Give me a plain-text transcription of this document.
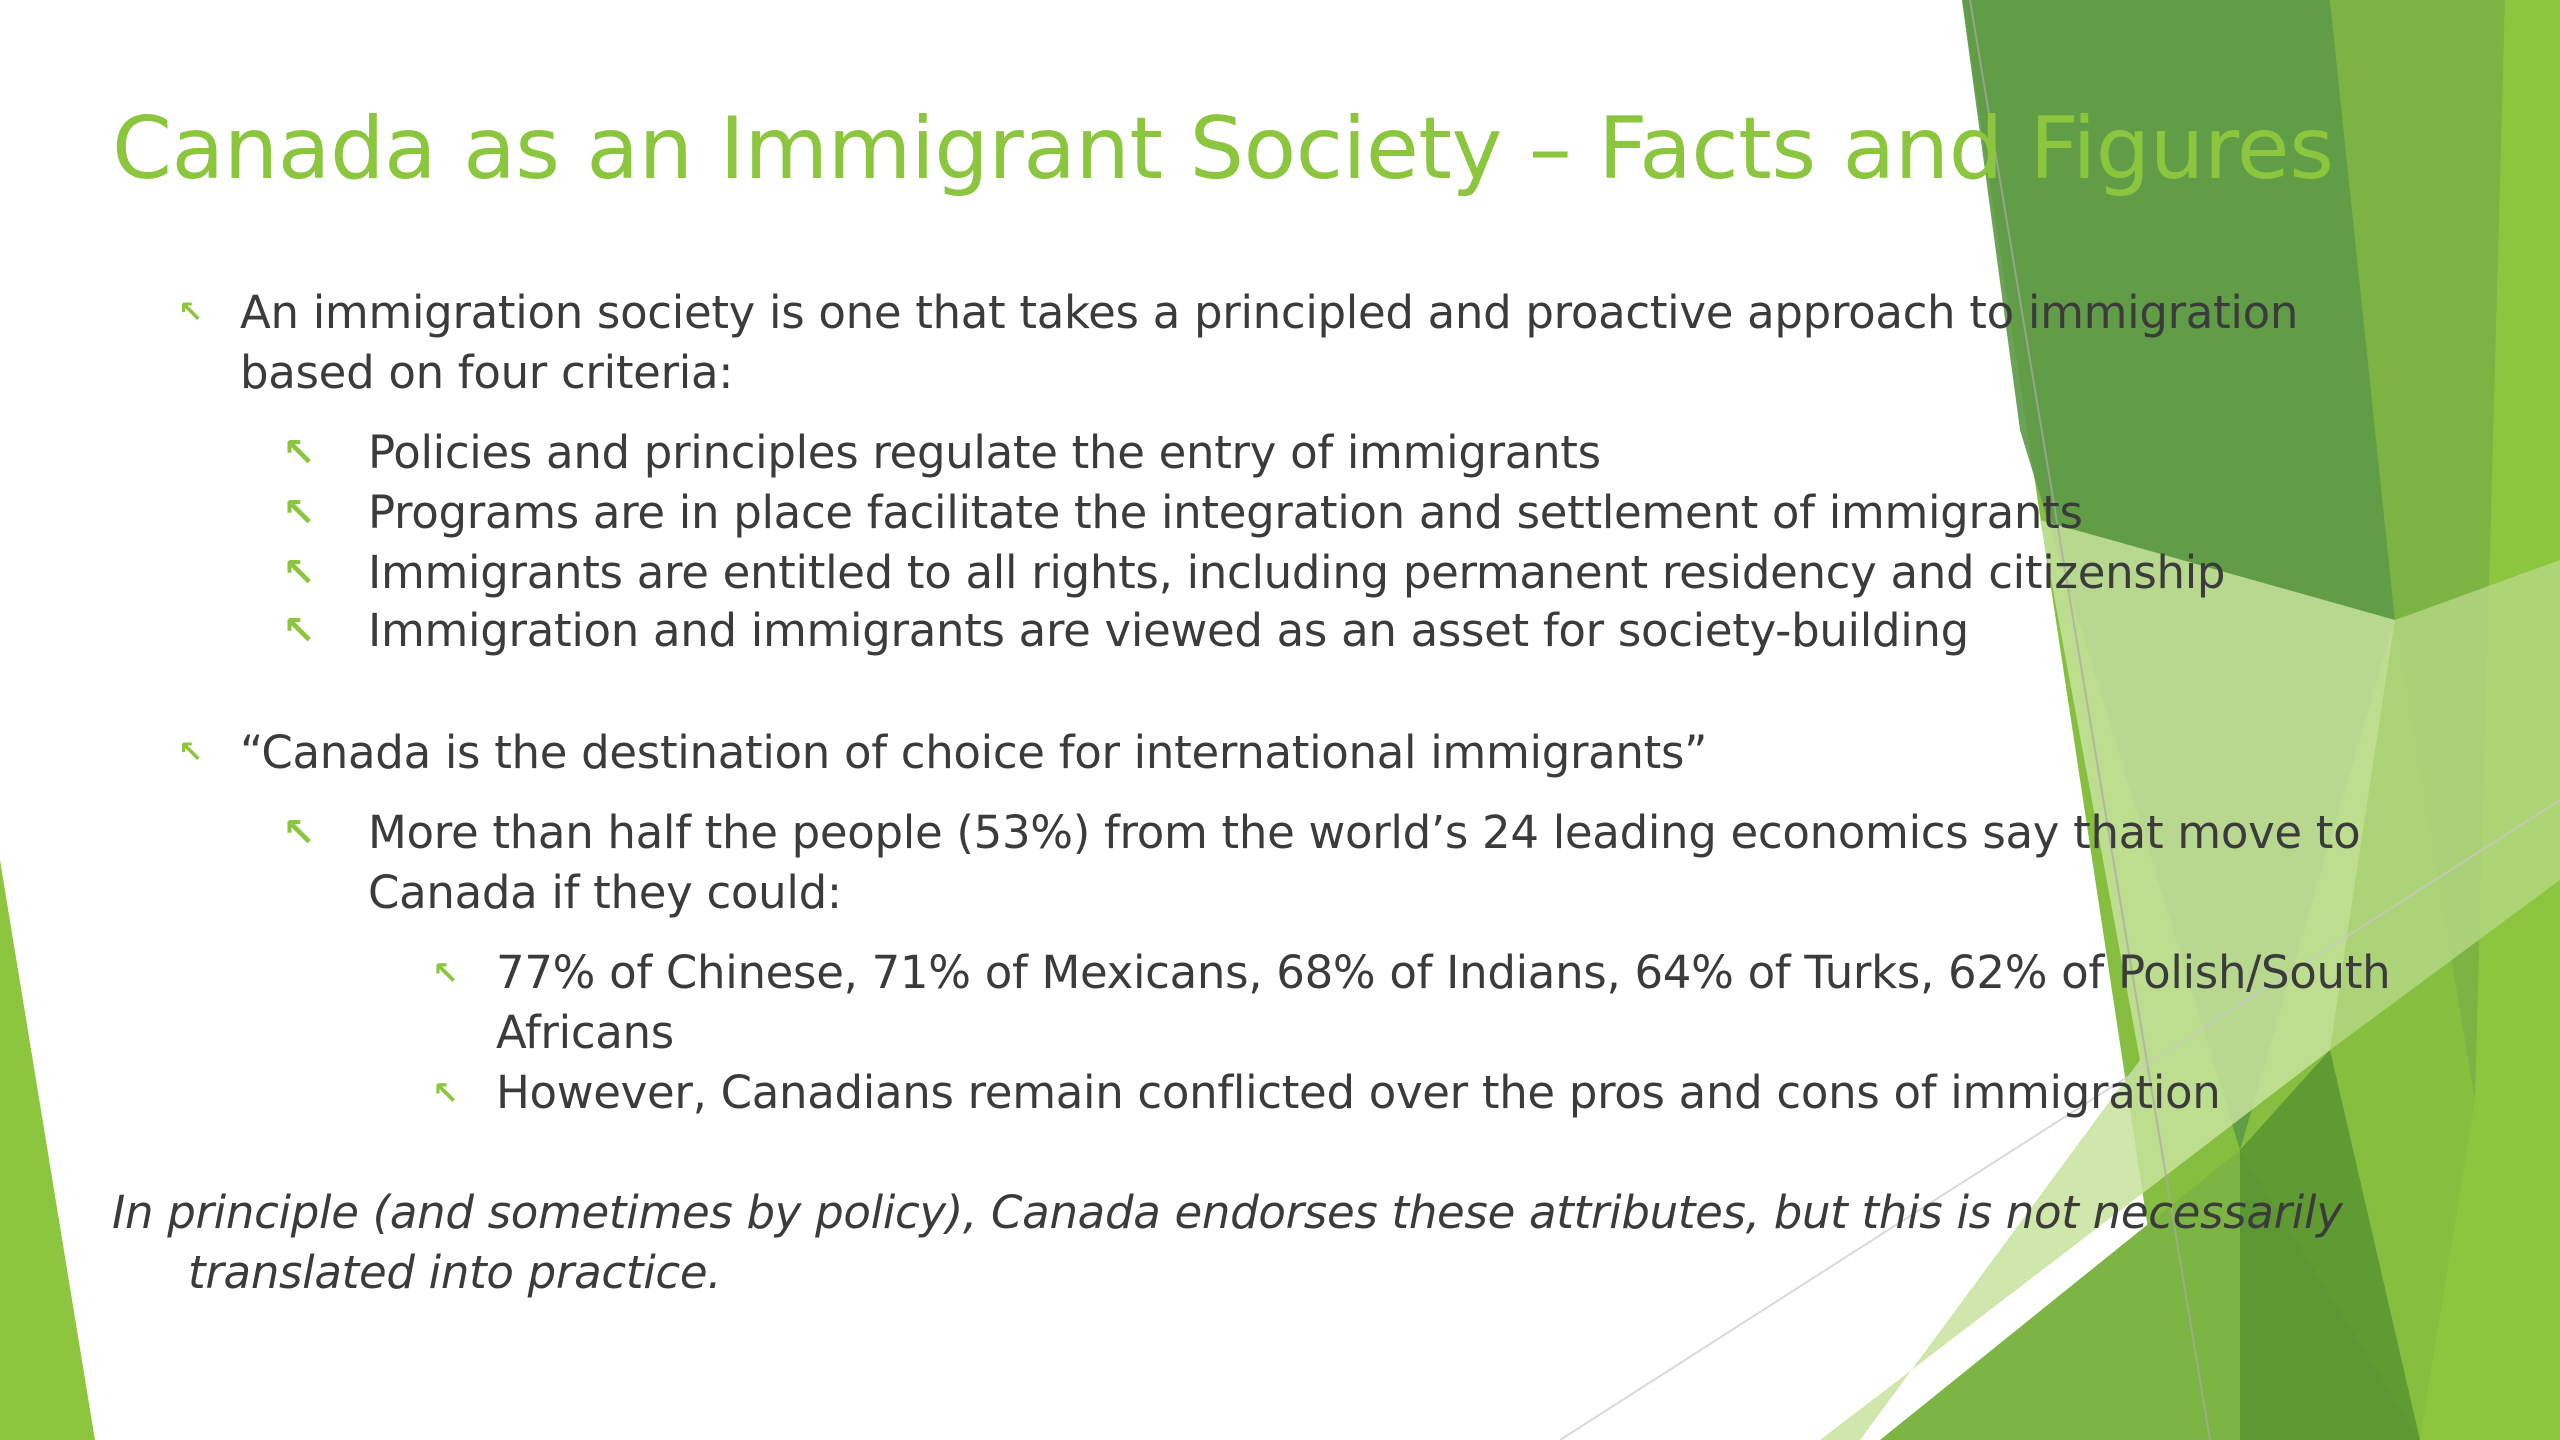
Canada as an Immigrant Society – Facts and Figures
↖ An immigration society is one that takes a principled and proactive approach to immigration
based on four criteria:
↖ Policies and principles regulate the entry of immigrants
↖ Programs are in place facilitate the integration and settlement of immigrants
↖ Immigrants are entitled to all rights, including permanent residency and citizenship
↖ Immigration and immigrants are viewed as an asset for society-building
↖ “Canada is the destination of choice for international immigrants”
↖ More than half the people (53%) from the world’s 24 leading economics say that move to
Canada if they could:
↖ 77% of Chinese, 71% of Mexicans, 68% of Indians, 64% of Turks, 62% of Polish/South
Africans
↖ However, Canadians remain conflicted over the pros and cons of immigration
In principle (and sometimes by policy), Canada endorses these attributes, but this is not necessarily
translated into practice.
